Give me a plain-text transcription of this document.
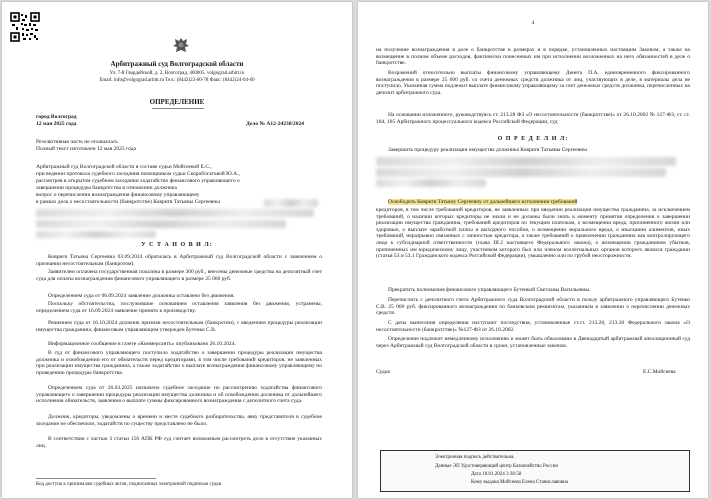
Арбитражный суд Волгоградской области
Ул. 7-й Гвардейской, д. 2, Волгоград, 400005, volgograd.arbitr.ru
Email: info@volgograd.arbitr.ru Тел.: (8442)23-00-78 Факс: (8442)24-04-60
ОПРЕДЕЛЕНИЕ
город Волгоград
12 мая 2025 года	Дело № А12-24230/2024
Резолютивная часть не оглашалась
Полный текст изготовлен 12 мая 2025 года
Арбитражный суд Волгоградской области в составе судьи Мойсеевой Е.С.,
при ведении протокола судебного заседания помощником судьи Скоробогатовой Ю.А.,
рассмотрев в открытом судебном заседании ходатайство финансового управляющего о
завершении процедуры банкротства в отношении должника
вопрос о перечислении вознаграждения финансовому управляющему
в рамках дела о несостоятельности (банкротстве) Ковригя Татьяны Сергеевны
У С Т А Н О В И Л:
Ковригя Татьяна Сергеевна 03.09.2024 обратилась в Арбитражный суд Волгоградской области с заявлением о признании несостоятельным (банкротом).
Заявителем оплачена государственная пошлина в размере 300 руб., внесены денежные средства на депозитный счет суда для оплаты вознаграждения финансового управляющего в размере 25 000 руб.
Определением суда от 06.09.2024 заявление должника оставлено без движения.
Поскольку обстоятельства, послужившие основанием оставления заявления без движения, устранены, определением суда от 16.09.2024 заявление принято к производству.
Решением суда от 16.10.2024 должник признан несостоятельным (банкротом), с введением процедуры реализации имущества гражданина, финансовым управляющим утвержден Бутенко С.В.
Информационное сообщение в газете «Коммерсантъ» опубликовано 26.10.2024.
В суд от финансового управляющего поступило ходатайство о завершении процедуры реализации имущества должника и освобождении его от обязательств перед кредиторами, в том числе требований кредиторов, не заявленных при реализации имущества гражданина, а также ходатайство о выплате вознаграждения финансовому управляющему по проведению процедуры банкротства.
Определением суда от 26.03.2025 назначено судебное заседание по рассмотрению ходатайства финансового управляющего о завершении процедуры реализации имущества должника и об освобождении должника от дальнейшего исполнения обязательств, заявления о выплате суммы фиксированного вознаграждения с депозитного счета суда.
Должник, кредиторы, уведомлены о времени и месте судебного разбирательства, явку представителя в судебное заседание не обеспечили, ходатайств по существу представлено не было.
В соответствии с частью 3 статьи 156 АПК РФ суд считает возможным рассмотреть дело в отсутствие указанных лиц.
Код доступа к оригиналам судебных актов, подписанных электронной подписью судьи
4
на получение вознаграждения в деле о банкротстве в размерах и в порядке, установленных настоящим Законом, а также на возмещение в полном объеме расходов, фактически понесенных им при исполнении возложенных на него обязанностей в деле о банкротстве.
Возражений относительно выплаты финансовому управляющему Денега П.А. единовременного фиксированного вознаграждения в размере 25 000 руб. со счета денежных средств должника от лиц, участвующих в деле, в материалы дела не поступило. Указанная сумма подлежит выплате финансовому управляющему за счет денежных средств должника, перечисленных на депозит арбитражного суда.
На основании изложенного, руководствуясь ст. 213.28 ФЗ «О несостоятельности (банкротстве)» от 26.10.2002 № 127-ФЗ, ст. ст. 184, 185 Арбитражного процессуального кодекса Российской Федерации, суд
О П Р Е Д Е Л И Л:
Завершить процедуру реализации имущества должника Ковригя Татьяны Сергеевны
Освободить Ковригя Татьяну Сергеевну от дальнейшего исполнения требований
кредиторов, в том числе требований кредиторов, не заявленных при введении реализации имущества гражданина, за исключением требований, о наличии которых кредиторы не знали и не должны были знать к моменту принятия определения о завершении реализации имущества гражданина, требований кредиторов по текущим платежам, о возмещении вреда, причиненного жизни или здоровью, о выплате заработной платы и выходного пособия, о возмещении морального вреда, о взыскании алиментов, иных требований, неразрывно связанных с личностью кредитора, а также требований о привлечении гражданина как контролирующего лица к субсидиарной ответственности (глава III.2 настоящего Федерального закона), о возмещении гражданином убытков, причиненных им юридическому лицу, участником которого был или членом коллегиальных органов которого являлся гражданин (статья 53 и 53.1 Гражданского кодекса Российской Федерации), умышленно или по грубой неосторожности.
Прекратить полномочия финансового управляющего Бутенкой Светланы Васильевны.
Перечислить с депозитного счета Арбитражного суда Волгоградской области в пользу арбитражного управляющего Бутенко С.В. 25 000 руб. фиксированного вознаграждения по банковским реквизитам, указанным в заявлении о перечислении денежных средств.
С даты вынесения определения наступают последствия, установленные ст.ст. 213.28, 213.30 Федерального закона «О несостоятельности (банкротстве)» №127-ФЗ от 26.10.2002.
Определение подлежит немедленному исполнению и может быть обжаловано в Двенадцатый арбитражный апелляционный суд через Арбитражный суд Волгоградской области в сроки, установленные законом.
Судья	Е.С.Мойсеева
Электронная подпись действительна.
Данные ЭП Удостоверяющий центр Казначейство России
Дата 10.01.2024 3:38:58
Кому выдана Мойсеева Елена Станиславовна
